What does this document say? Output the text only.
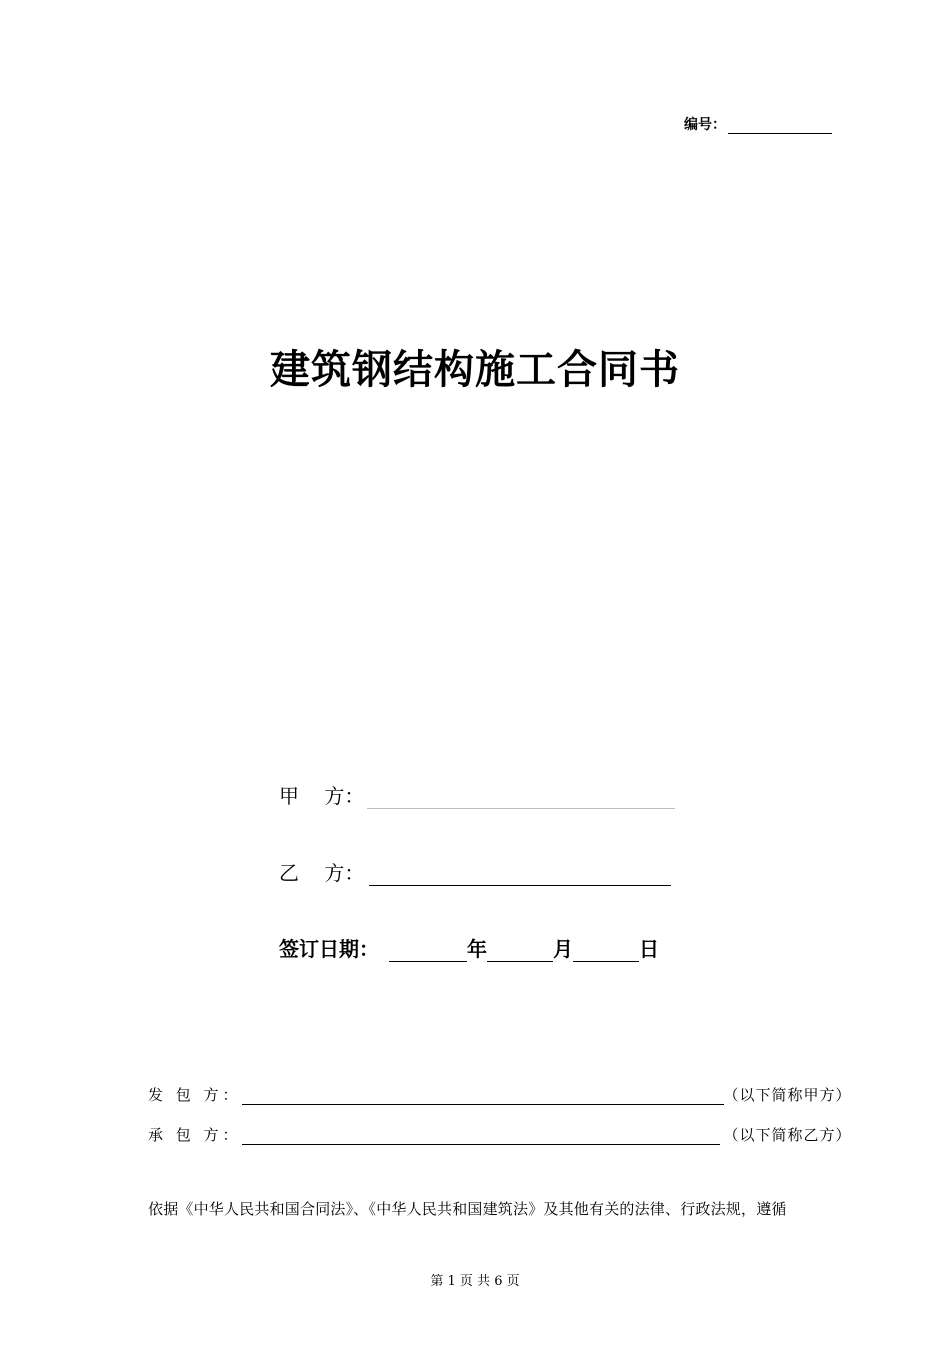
编号：
建筑钢结构施工合同书
甲    方：
乙    方：
签订日期：	年	月	日
发 包 方：	（以下简称甲方）
承 包 方：	（以下简称乙方）
依据《中华人民共和国合同法》、《中华人民共和国建筑法》及其他有关的法律、行政法规，遵循
第 1 页 共 6 页
